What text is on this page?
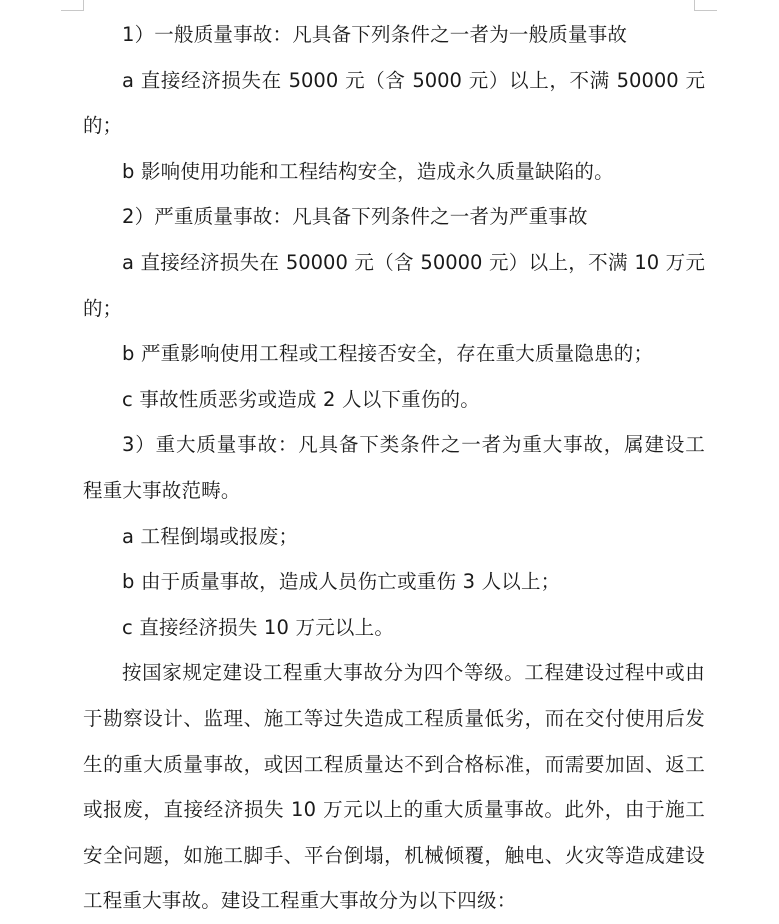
1）一般质量事故：凡具备下列条件之一者为一般质量事故

a 直接经济损失在 5000 元（含 5000 元）以上，不满 50000 元的；

b 影响使用功能和工程结构安全，造成永久质量缺陷的。

2）严重质量事故：凡具备下列条件之一者为严重事故

a 直接经济损失在 50000 元（含 50000 元）以上，不满 10 万元的；

b 严重影响使用工程或工程接否安全，存在重大质量隐患的；

c 事故性质恶劣或造成 2 人以下重伤的。

3）重大质量事故：凡具备下类条件之一者为重大事故，属建设工程重大事故范畴。

a 工程倒塌或报废；

b 由于质量事故，造成人员伤亡或重伤 3 人以上；

c 直接经济损失 10 万元以上。

按国家规定建设工程重大事故分为四个等级。工程建设过程中或由于勘察设计、监理、施工等过失造成工程质量低劣，而在交付使用后发生的重大质量事故，或因工程质量达不到合格标准，而需要加固、返工或报废，直接经济损失 10 万元以上的重大质量事故。此外，由于施工安全问题，如施工脚手、平台倒塌，机械倾覆，触电、火灾等造成建设工程重大事故。建设工程重大事故分为以下四级：
